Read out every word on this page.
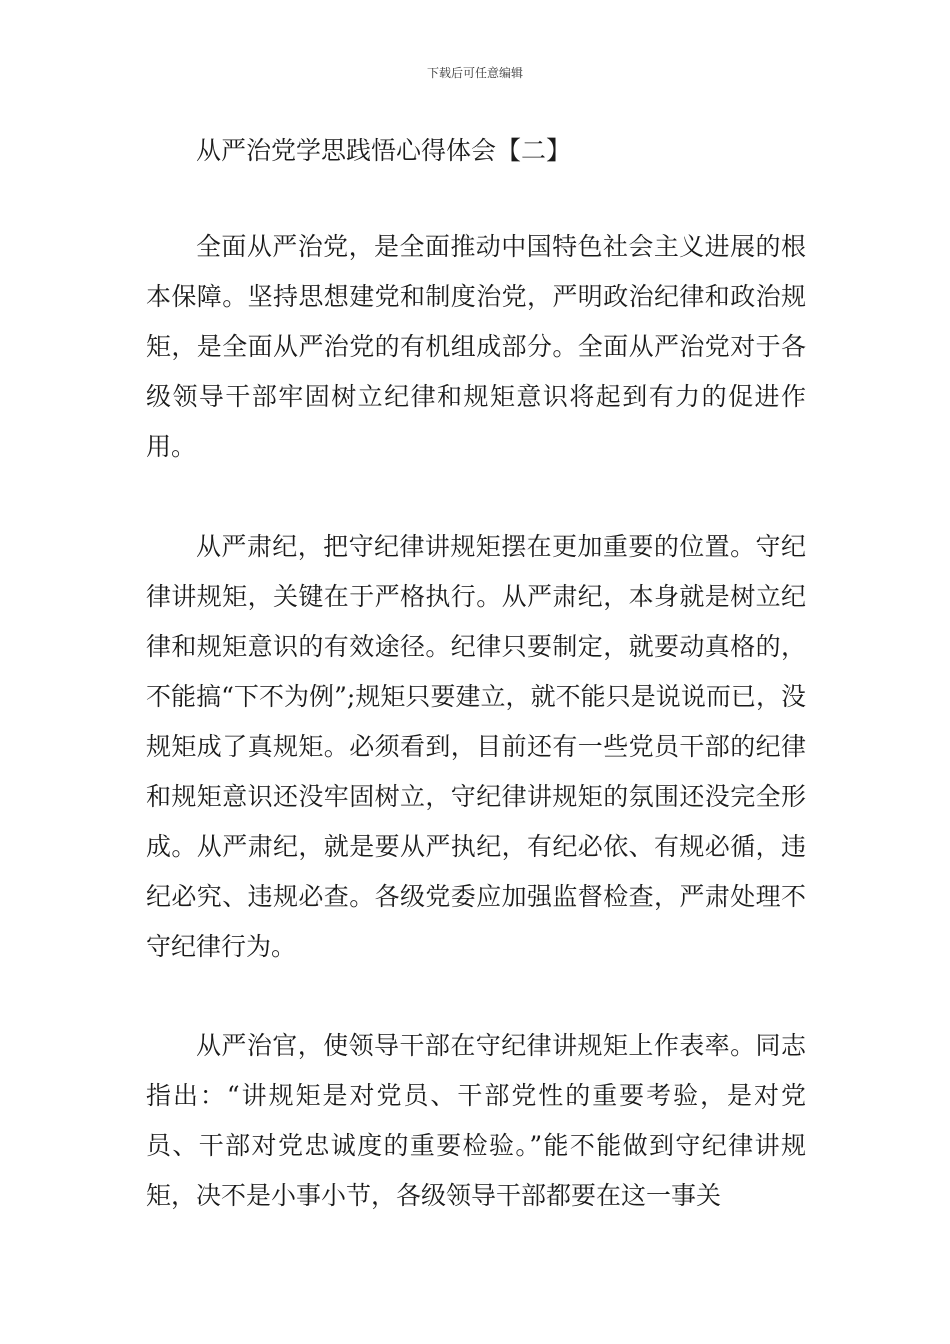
下载后可任意编辑
从严治党学思践悟心得体会【二】

全面从严治党，是全面推动中国特色社会主义进展的根本保障。坚持思想建党和制度治党，严明政治纪律和政治规矩，是全面从严治党的有机组成部分。全面从严治党对于各级领导干部牢固树立纪律和规矩意识将起到有力的促进作用。

从严肃纪，把守纪律讲规矩摆在更加重要的位置。守纪律讲规矩，关键在于严格执行。从严肃纪，本身就是树立纪律和规矩意识的有效途径。纪律只要制定，就要动真格的，不能搞“下不为例”;规矩只要建立，就不能只是说说而已，没规矩成了真规矩。必须看到，目前还有一些党员干部的纪律和规矩意识还没牢固树立，守纪律讲规矩的氛围还没完全形成。从严肃纪，就是要从严执纪，有纪必依、有规必循，违纪必究、违规必查。各级党委应加强监督检查，严肃处理不守纪律行为。

从严治官，使领导干部在守纪律讲规矩上作表率。同志指出：“讲规矩是对党员、干部党性的重要考验，是对党员、干部对党忠诚度的重要检验。”能不能做到守纪律讲规矩，决不是小事小节，各级领导干部都要在这一事关
